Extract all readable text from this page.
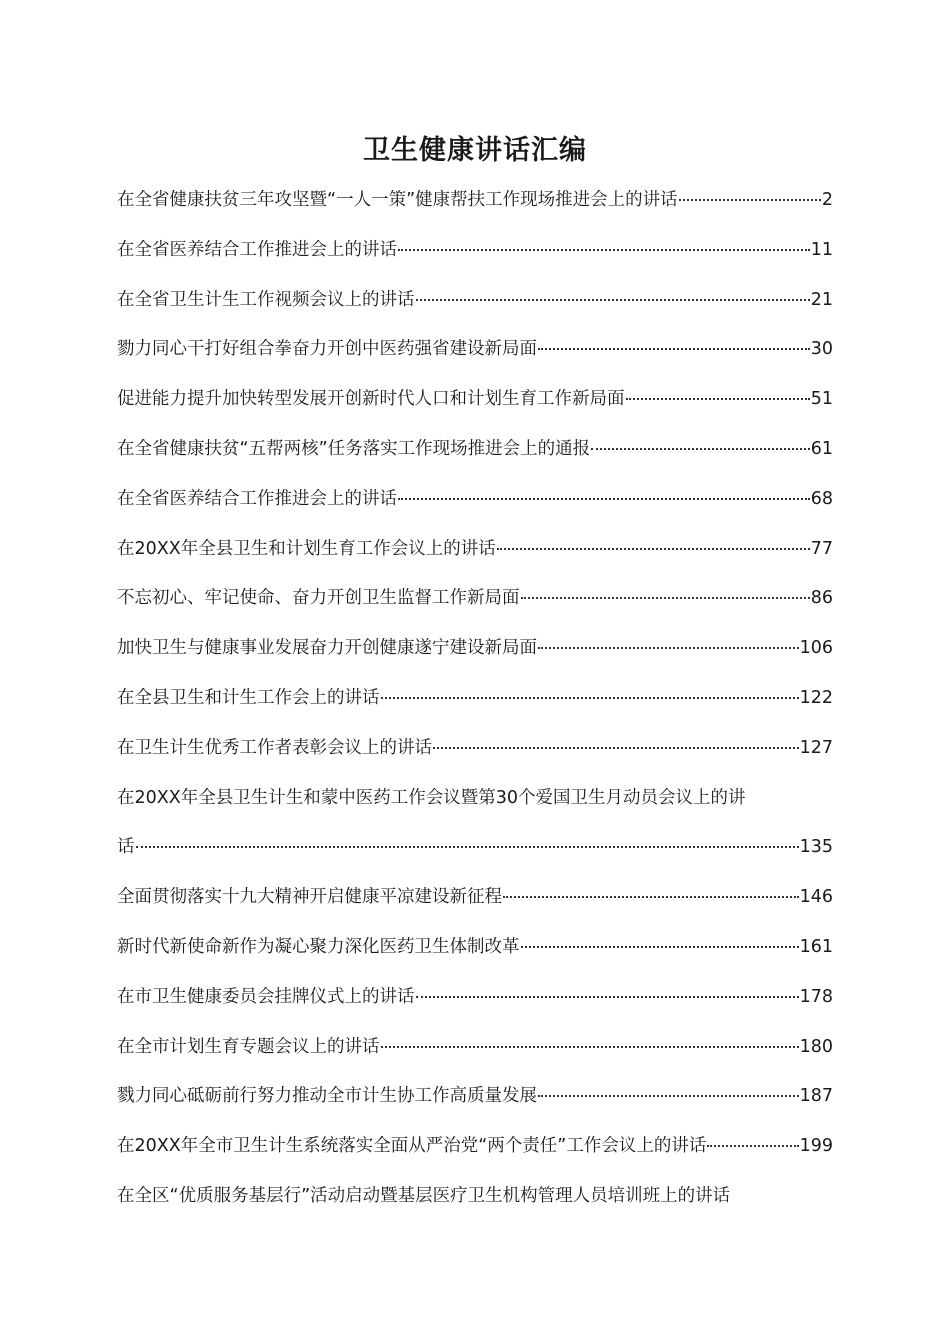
卫生健康讲话汇编
在全省健康扶贫三年攻坚暨“一人一策”健康帮扶工作现场推进会上的讲话	2
在全省医养结合工作推进会上的讲话	11
在全省卫生计生工作视频会议上的讲话	21
勠力同心干打好组合拳奋力开创中医药强省建设新局面	30
促进能力提升加快转型发展开创新时代人口和计划生育工作新局面	51
在全省健康扶贫“五帮两核”任务落实工作现场推进会上的通报	61
在全省医养结合工作推进会上的讲话	68
在20XX年全县卫生和计划生育工作会议上的讲话	77
不忘初心、牢记使命、奋力开创卫生监督工作新局面	86
加快卫生与健康事业发展奋力开创健康遂宁建设新局面	106
在全县卫生和计生工作会上的讲话	122
在卫生计生优秀工作者表彰会议上的讲话	127
在20XX年全县卫生计生和蒙中医药工作会议暨第30个爱国卫生月动员会议上的讲
话	135
全面贯彻落实十九大精神开启健康平凉建设新征程	146
新时代新使命新作为凝心聚力深化医药卫生体制改革	161
在市卫生健康委员会挂牌仪式上的讲话	178
在全市计划生育专题会议上的讲话	180
戮力同心砥砺前行努力推动全市计生协工作高质量发展	187
在20XX年全市卫生计生系统落实全面从严治党“两个责任”工作会议上的讲话	199
在全区“优质服务基层行”活动启动暨基层医疗卫生机构管理人员培训班上的讲话
